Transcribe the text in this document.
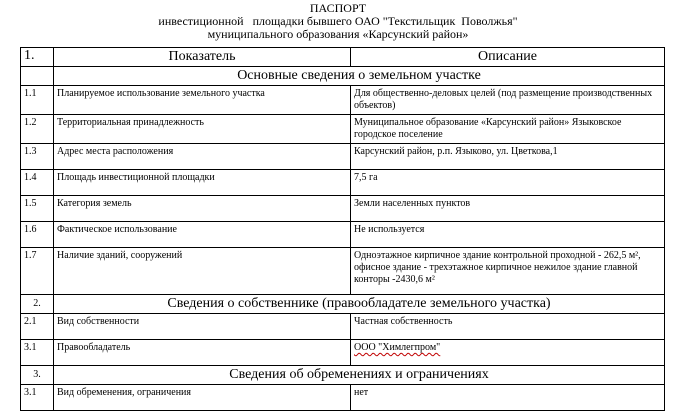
ПАСПОРТ
инвестиционной   площадки бывшего ОАО "Текстильщик  Поволжья"
муниципального образования «Карсунский район»
1.	Показатель	Описание
	Основные сведения о земельном участке	
1.1	Планируемое использование земельного участка	Для общественно-деловых целей (под размещение производственных объектов)
1.2	Территориальная принадлежность	Муниципальное образование «Карсунский район» Языковское городское поселение
1.3	Адрес места расположения	Карсунский район, р.п. Языково, ул. Цветкова,1
1.4	Площадь инвестиционной площадки	7,5 га
1.5	Категория земель	Земли населенных пунктов
1.6	Фактическое использование	Не используется
1.7	Наличие зданий, сооружений	Одноэтажное кирпичное здание контрольной проходной - 262,5 м², офисное здание - трехэтажное кирпичное нежилое здание главной конторы -2430,6 м²
2.	Сведения о собственнике (правообладателе земельного участка)	
2.1	Вид собственности	Частная собственность
3.1	Правообладатель	ООО "Химлегпром"
3.	Сведения об обременениях и ограничениях	
3.1	Вид обременения, ограничения	нет
